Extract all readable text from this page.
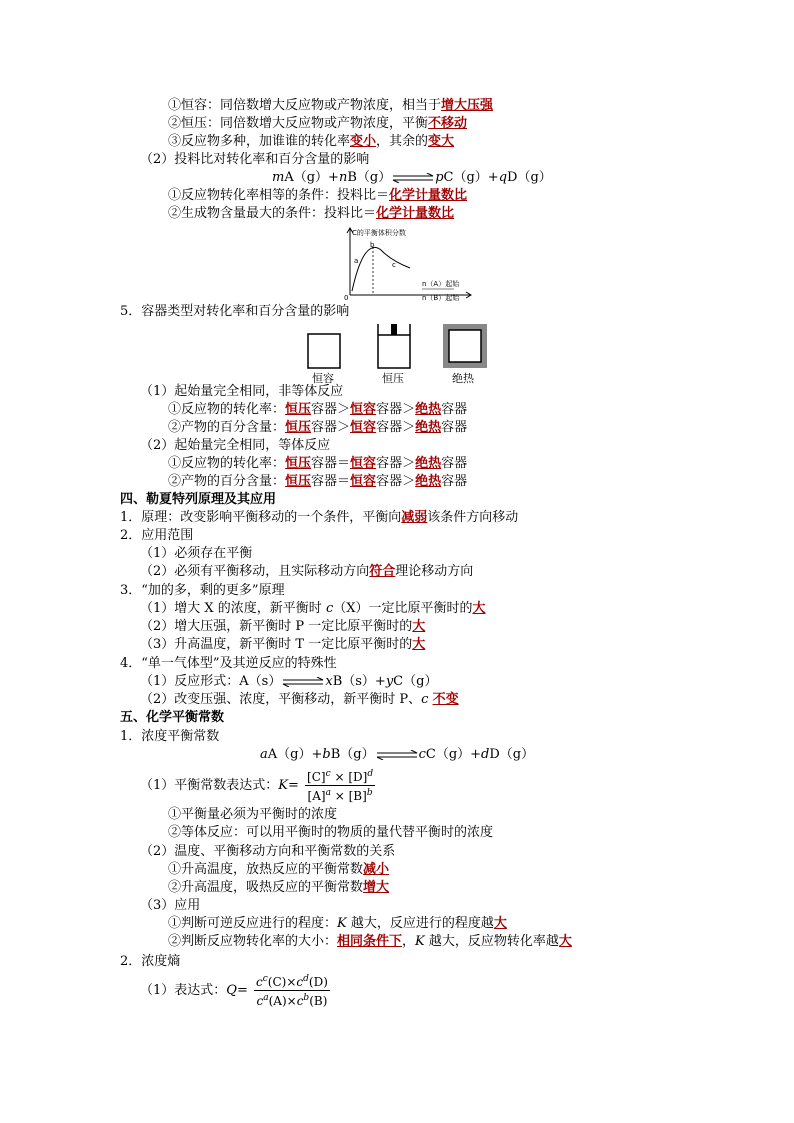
①恒容：同倍数增大反应物或产物浓度，相当于增大压强
②恒压：同倍数增大反应物或产物浓度，平衡不移动
③反应物多种，加谁谁的转化率变小，其余的变大
（2）投料比对转化率和百分含量的影响
mA（g）+nB（g）⇌pC（g）+qD（g）
①反应物转化率相等的条件：投料比＝化学计量数比
②生成物含量最大的条件：投料比＝化学计量数比
C的平衡体积分数
b
a	c
0
n（A）起始
n（B）起始
5．容器类型对转化率和百分含量的影响
恒容	恒压	绝热
（1）起始量完全相同，非等体反应
①反应物的转化率：恒压容器＞恒容容器＞绝热容器
②产物的百分含量：恒压容器＞恒容容器＞绝热容器
（2）起始量完全相同，等体反应
①反应物的转化率：恒压容器＝恒容容器＞绝热容器
②产物的百分含量：恒压容器＝恒容容器＞绝热容器
四、勒夏特列原理及其应用
1．原理：改变影响平衡移动的一个条件，平衡向减弱该条件方向移动
2．应用范围
（1）必须存在平衡
（2）必须有平衡移动，且实际移动方向符合理论移动方向
3．“加的多，剩的更多”原理
（1）增大 X 的浓度，新平衡时 c（X）一定比原平衡时的大
（2）增大压强，新平衡时 P 一定比原平衡时的大
（3）升高温度，新平衡时 T 一定比原平衡时的大
4．“单一气体型”及其逆反应的特殊性
（1）反应形式：A（s）⇌xB（s）+yC（g）
（2）改变压强、浓度，平衡移动，新平衡时 P、c 不变
五、化学平衡常数
1．浓度平衡常数
aA（g）+bB（g）⇌cC（g）+dD（g）
（1）平衡常数表达式：$K= \frac{[C]^c \times [D]^d}{[A]^a \times [B]^b}$
①平衡量必须为平衡时的浓度
②等体反应：可以用平衡时的物质的量代替平衡时的浓度
（2）温度、平衡移动方向和平衡常数的关系
①升高温度，放热反应的平衡常数减小
②升高温度，吸热反应的平衡常数增大
（3）应用
①判断可逆反应进行的程度：K 越大，反应进行的程度越大
②判断反应物转化率的大小：相同条件下，K 越大，反应物转化率越大
2．浓度熵
（1）表达式：$Q= \frac{c^c(C)\times c^d(D)}{c^a(A)\times c^b(B)}$
